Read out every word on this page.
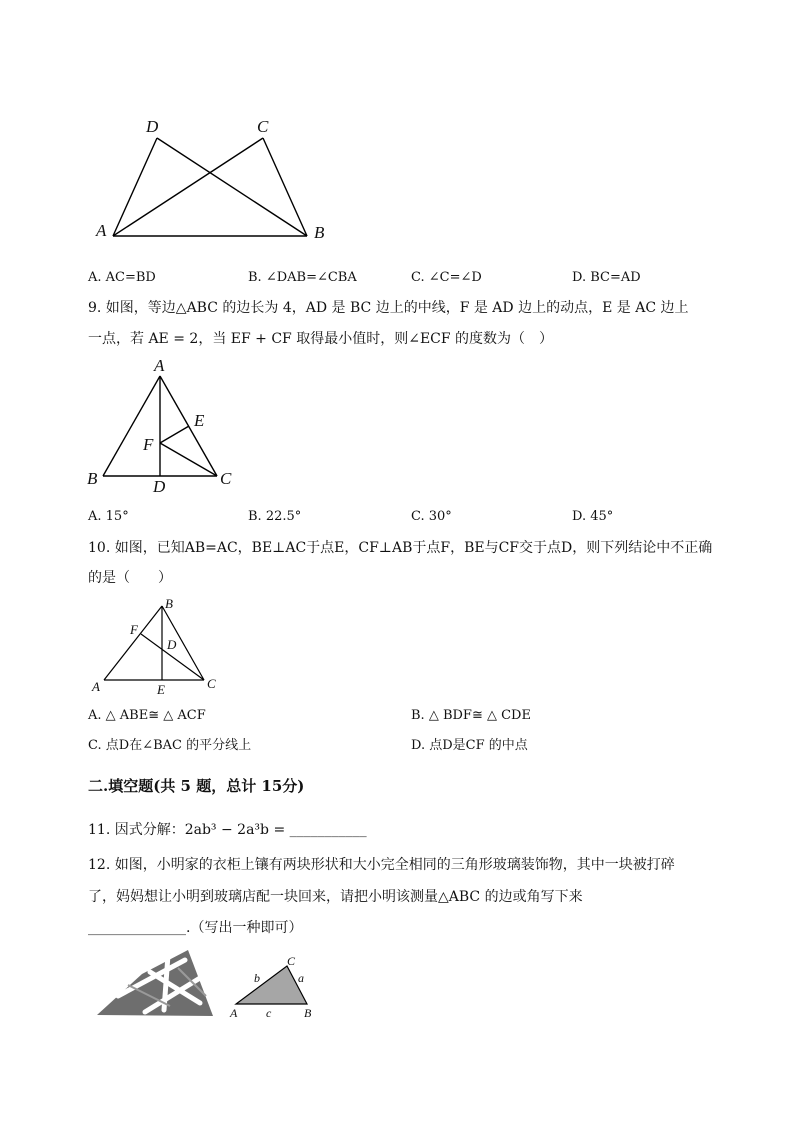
D	C
A	B
A. AC=BD	B. ∠DAB=∠CBA	C. ∠C=∠D	D. BC=AD
9. 如图，等边△ABC 的边长为 4，AD 是 BC 边上的中线，F 是 AD 边上的动点，E 是 AC 边上
一点，若 AE = 2，当 EF + CF 取得最小值时，则∠ECF 的度数为（　）
A
E
F
B	D	C
A. 15°	B. 22.5°	C. 30°	D. 45°
10. 如图，已知AB=AC，BE⊥AC于点E，CF⊥AB于点F，BE与CF交于点D，则下列结论中不正确
的是（　　）
B
F
D
A	E	C
A. △ ABE≅ △ ACF	B. △ BDF≅ △ CDE
C. 点D在∠BAC 的平分线上	D. 点D是CF 的中点
二.填空题(共 5 题，总计 15分)
11. 因式分解：2ab³ − 2a³b = ___________
12. 如图，小明家的衣柜上镶有两块形状和大小完全相同的三角形玻璃装饰物，其中一块被打碎
了，妈妈想让小明到玻璃店配一块回来，请把小明该测量△ABC 的边或角写下来
______________.（写出一种即可）
C
b	a
A c	B
